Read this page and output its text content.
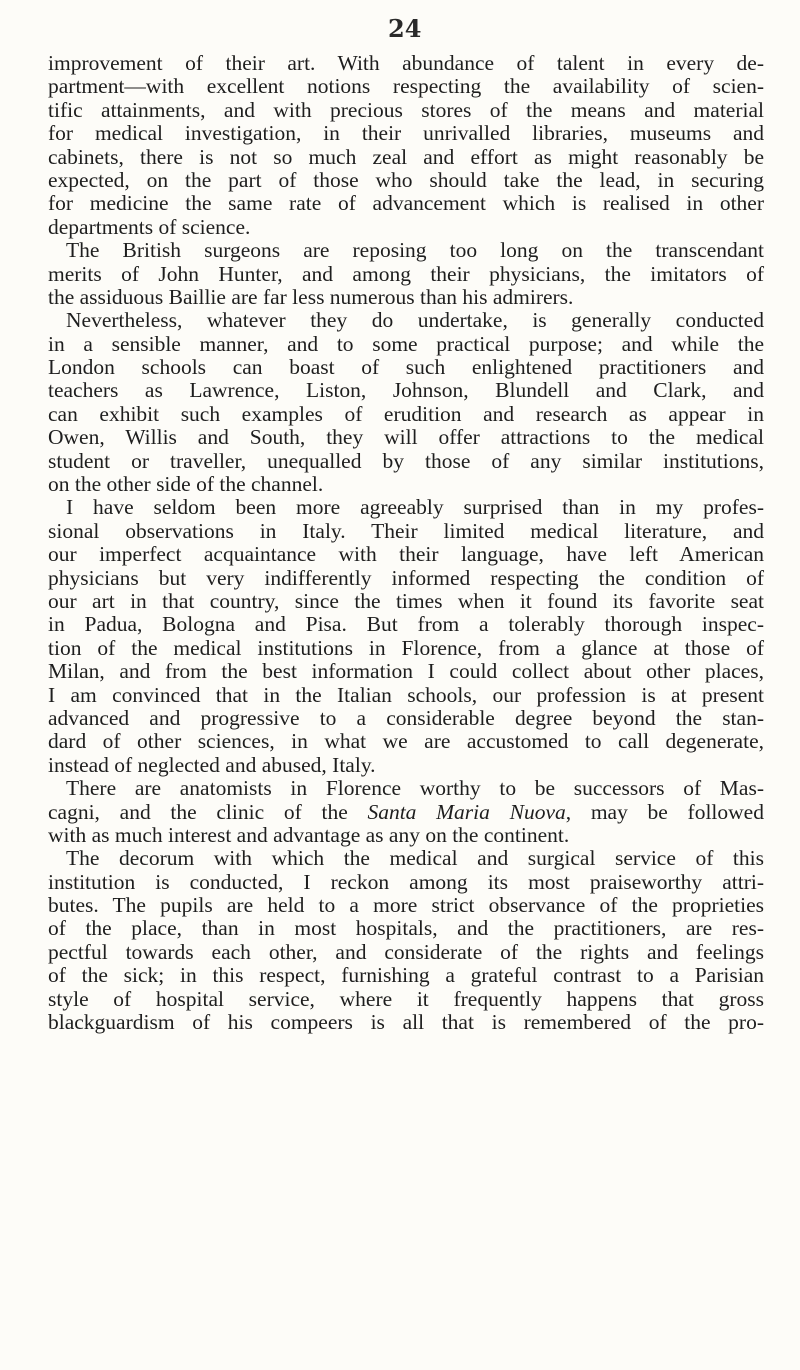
24
improvement of their art. With abundance of talent in every de-
partment—with excellent notions respecting the availability of scien-
tific attainments, and with precious stores of the means and material
for medical investigation, in their unrivalled libraries, museums and
cabinets, there is not so much zeal and effort as might reasonably be
expected, on the part of those who should take the lead, in securing
for medicine the same rate of advancement which is realised in other
departments of science.
The British surgeons are reposing too long on the transcendant
merits of John Hunter, and among their physicians, the imitators of
the assiduous Baillie are far less numerous than his admirers.
Nevertheless, whatever they do undertake, is generally conducted
in a sensible manner, and to some practical purpose; and while the
London schools can boast of such enlightened practitioners and
teachers as Lawrence, Liston, Johnson, Blundell and Clark, and
can exhibit such examples of erudition and research as appear in
Owen, Willis and South, they will offer attractions to the medical
student or traveller, unequalled by those of any similar institutions,
on the other side of the channel.
I have seldom been more agreeably surprised than in my profes-
sional observations in Italy. Their limited medical literature, and
our imperfect acquaintance with their language, have left American
physicians but very indifferently informed respecting the condition of
our art in that country, since the times when it found its favorite seat
in Padua, Bologna and Pisa. But from a tolerably thorough inspec-
tion of the medical institutions in Florence, from a glance at those of
Milan, and from the best information I could collect about other places,
I am convinced that in the Italian schools, our profession is at present
advanced and progressive to a considerable degree beyond the stan-
dard of other sciences, in what we are accustomed to call degenerate,
instead of neglected and abused, Italy.
There are anatomists in Florence worthy to be successors of Mas-
cagni, and the clinic of the Santa Maria Nuova, may be followed
with as much interest and advantage as any on the continent.
The decorum with which the medical and surgical service of this
institution is conducted, I reckon among its most praiseworthy attri-
butes. The pupils are held to a more strict observance of the proprieties
of the place, than in most hospitals, and the practitioners, are res-
pectful towards each other, and considerate of the rights and feelings
of the sick; in this respect, furnishing a grateful contrast to a Parisian
style of hospital service, where it frequently happens that gross
blackguardism of his compeers is all that is remembered of the pro-
